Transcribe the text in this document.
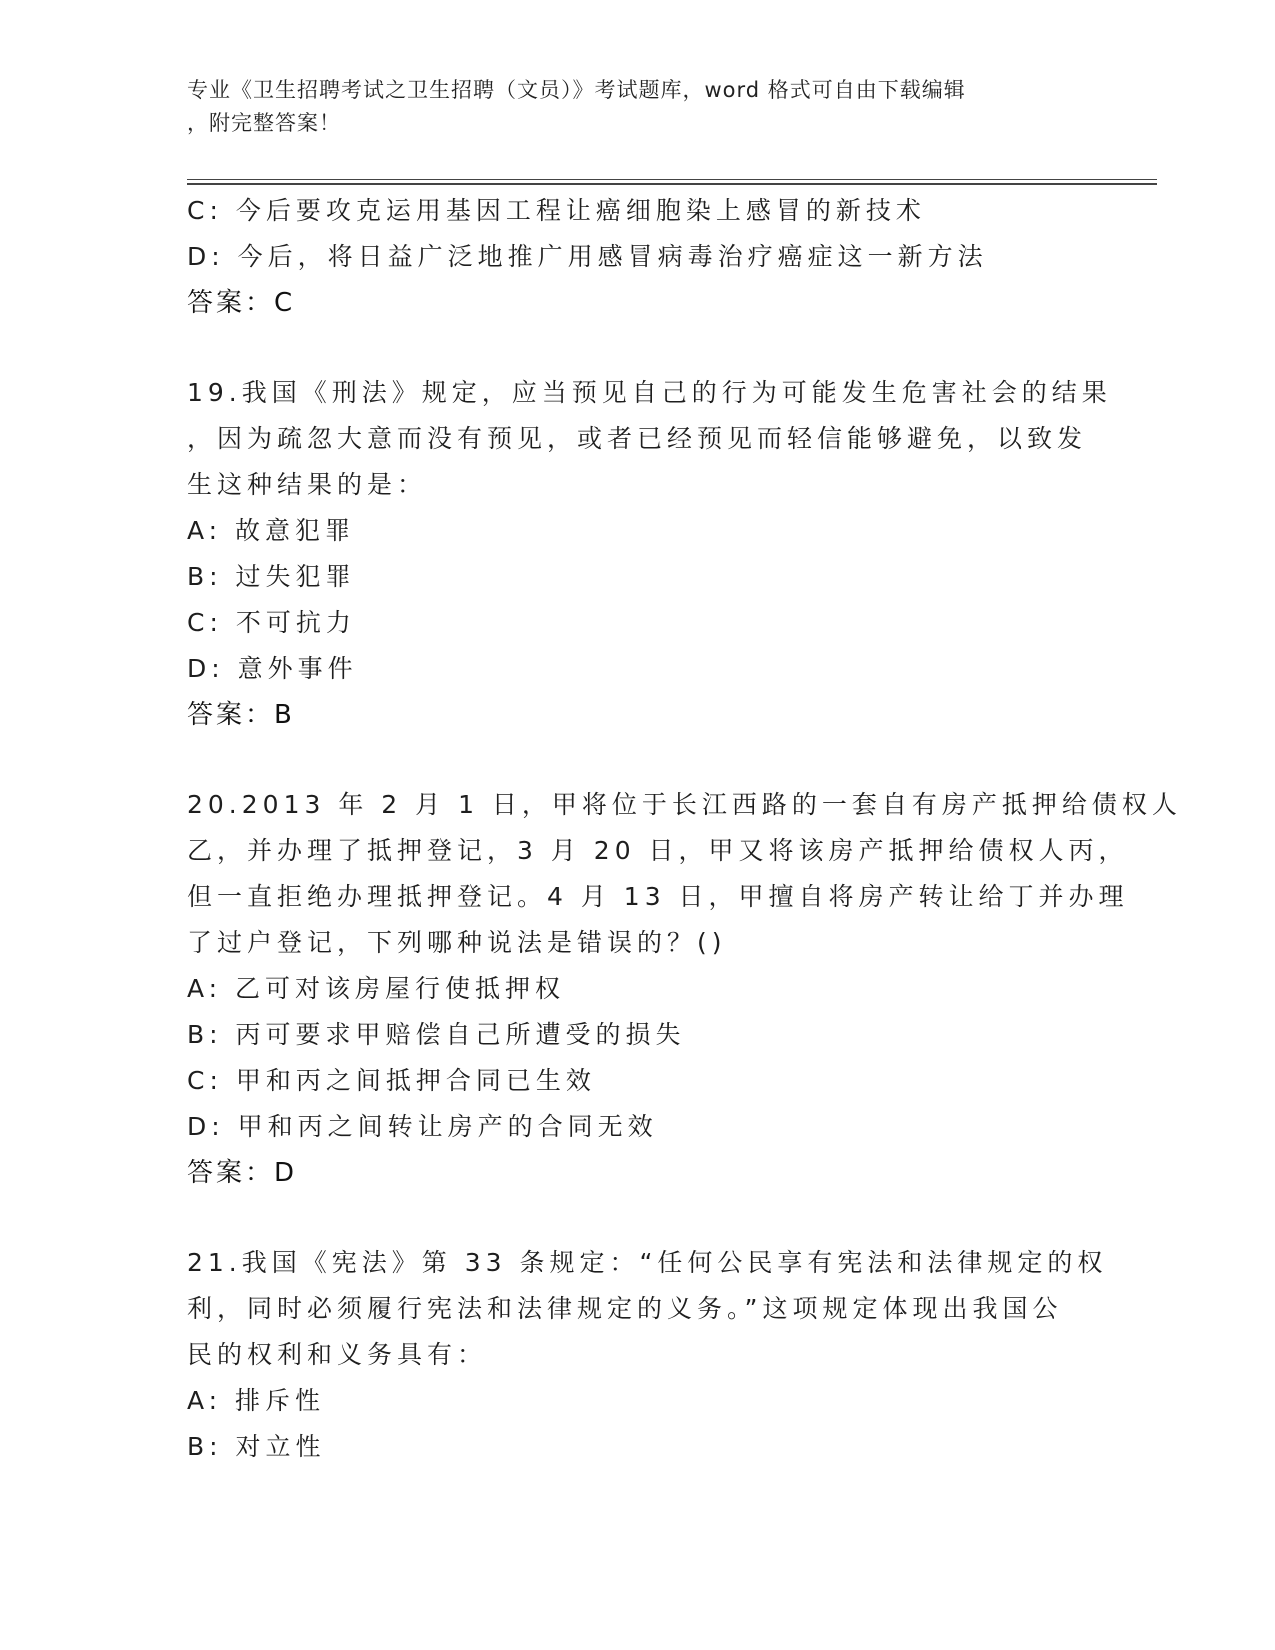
专业《卫生招聘考试之卫生招聘（文员）》考试题库，word 格式可自由下载编辑
，附完整答案！
C: 今后要攻克运用基因工程让癌细胞染上感冒的新技术
D: 今后，将日益广泛地推广用感冒病毒治疗癌症这一新方法
答案：C
19.我国《刑法》规定，应当预见自己的行为可能发生危害社会的结果
，因为疏忽大意而没有预见，或者已经预见而轻信能够避免，以致发
生这种结果的是：
A: 故意犯罪
B: 过失犯罪
C: 不可抗力
D: 意外事件
答案：B
20.2013 年 2 月 1 日，甲将位于长江西路的一套自有房产抵押给债权人
乙，并办理了抵押登记，3 月 20 日，甲又将该房产抵押给债权人丙，
但一直拒绝办理抵押登记。4 月 13 日，甲擅自将房产转让给丁并办理
了过户登记，下列哪种说法是错误的？()
A: 乙可对该房屋行使抵押权
B: 丙可要求甲赔偿自己所遭受的损失
C: 甲和丙之间抵押合同已生效
D: 甲和丙之间转让房产的合同无效
答案：D
21.我国《宪法》第 33 条规定：“任何公民享有宪法和法律规定的权
利，同时必须履行宪法和法律规定的义务。”这项规定体现出我国公
民的权利和义务具有：
A: 排斥性
B: 对立性
